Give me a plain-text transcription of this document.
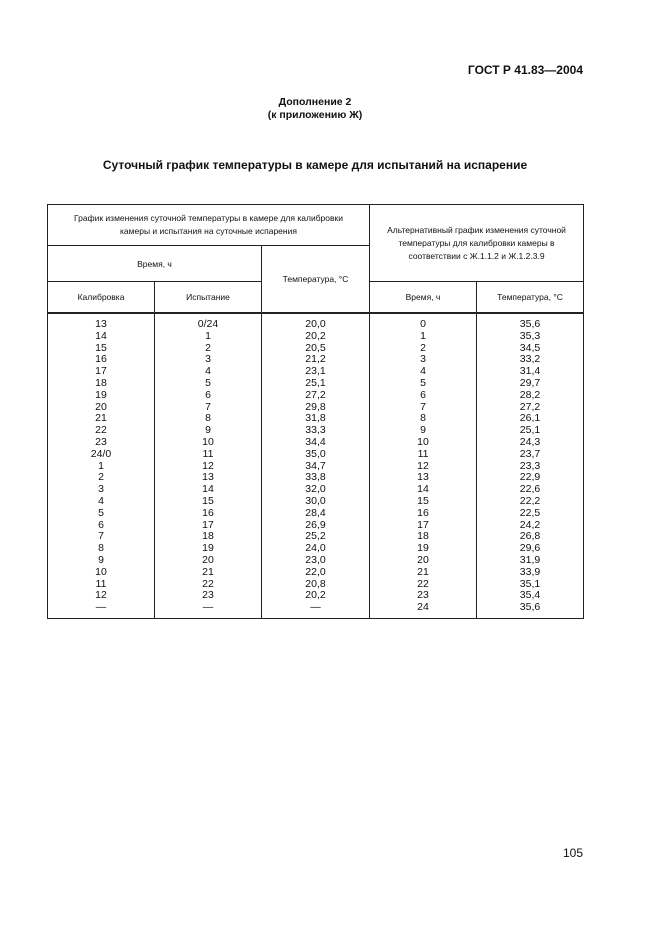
ГОСТ Р 41.83—2004
Дополнение 2
(к приложению Ж)
Суточный график температуры в камере для испытаний на испарение
График изменения суточной температуры в камере для калибровки камеры и испытания на суточные испарения			Альтернативный график изменения суточной температуры для калибровки камеры в соответствии с Ж.1.1.2 и Ж.1.2.3.9	
Время, ч		Температура, °С		
Калибровка	Испытание		Время, ч	Температура, °С
13	0/24	20,0	0	35,6
14	1	20,2	1	35,3
15	2	20,5	2	34,5
16	3	21,2	3	33,2
17	4	23,1	4	31,4
18	5	25,1	5	29,7
19	6	27,2	6	28,2
20	7	29,8	7	27,2
21	8	31,8	8	26,1
22	9	33,3	9	25,1
23	10	34,4	10	24,3
24/0	11	35,0	11	23,7
1	12	34,7	12	23,3
2	13	33,8	13	22,9
3	14	32,0	14	22,6
4	15	30,0	15	22,2
5	16	28,4	16	22,5
6	17	26,9	17	24,2
7	18	25,2	18	26,8
8	19	24,0	19	29,6
9	20	23,0	20	31,9
10	21	22,0	21	33,9
11	22	20,8	22	35,1
12	23	20,2	23	35,4
—	—	—	24	35,6
105
